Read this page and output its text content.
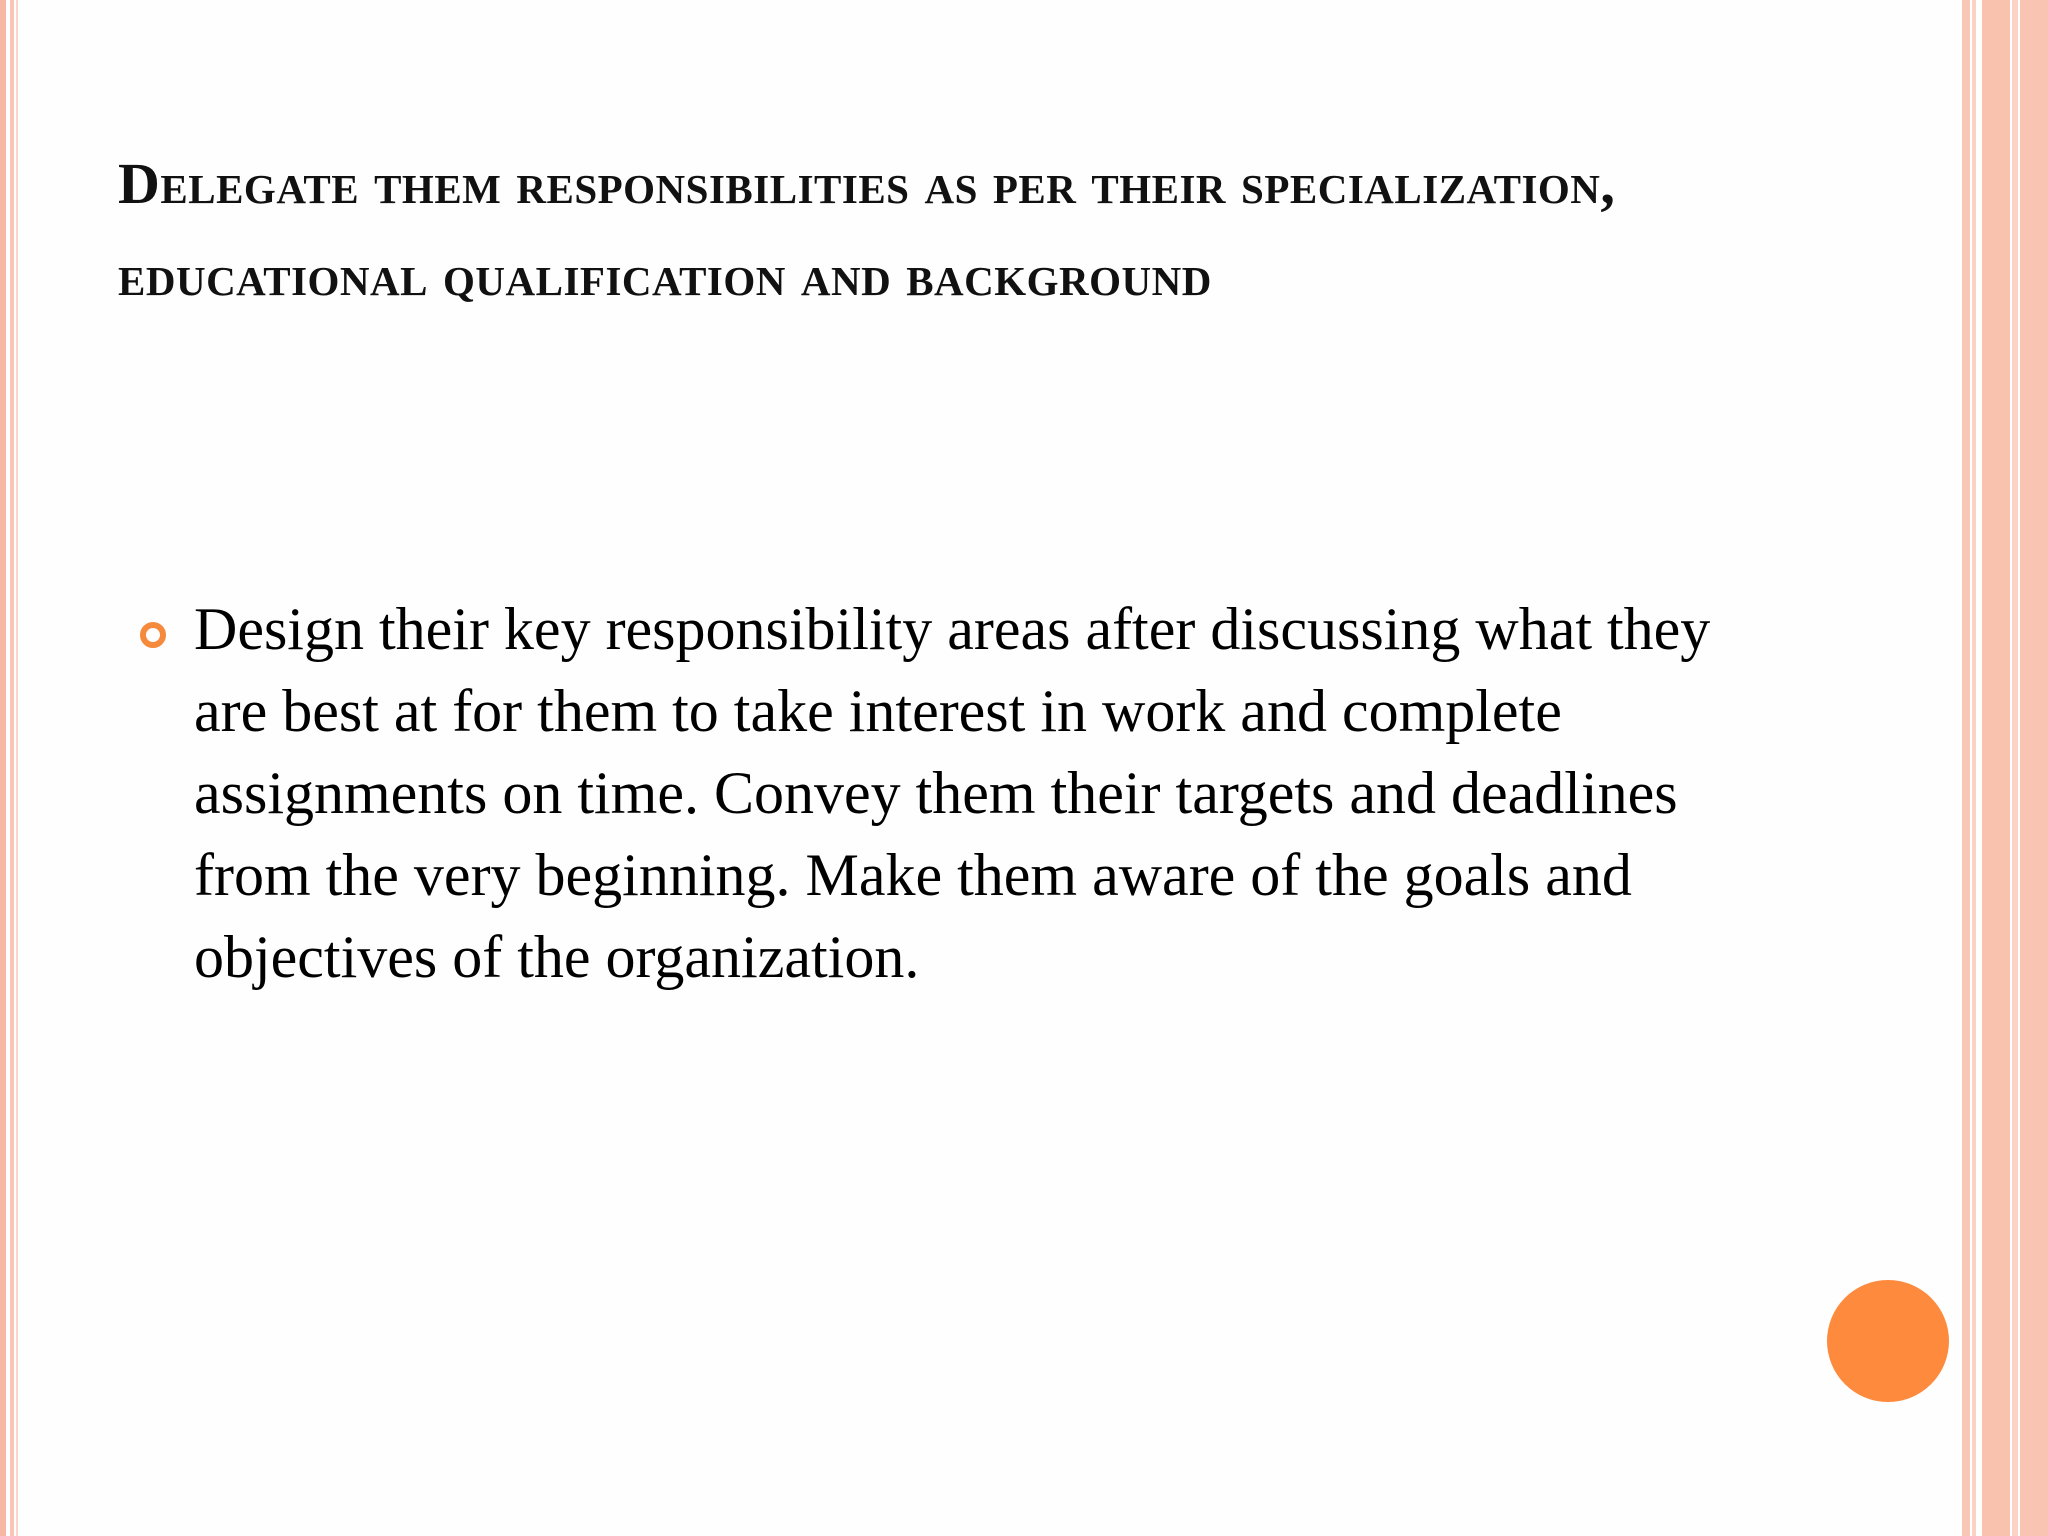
Delegate them responsibilities as per their specialization, educational qualification and background
Design their key responsibility areas after discussing what they are best at for them to take interest in work and complete assignments on time. Convey them their targets and deadlines from the very beginning. Make them aware of the goals and objectives of the organization.
